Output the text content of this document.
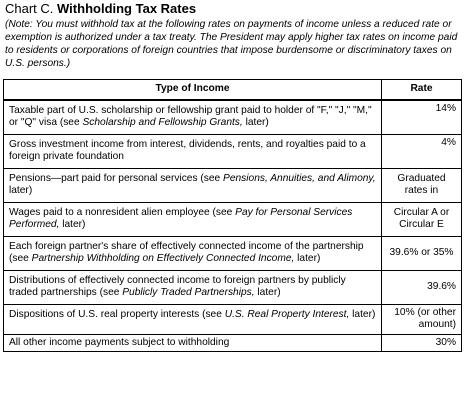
Chart C. Withholding Tax Rates
(Note: You must withhold tax at the following rates on payments of income unless a reduced rate or exemption is authorized under a tax treaty. The President may apply higher tax rates on income paid to residents or corporations of foreign countries that impose burdensome or discriminatory taxes on U.S. persons.)
Type of Income	Rate
Taxable part of U.S. scholarship or fellowship grant paid to holder of "F," "J," "M," or "Q" visa (see Scholarship and Fellowship Grants, later)	14%
Gross investment income from interest, dividends, rents, and royalties paid to a foreign private foundation	4%
Pensions—part paid for personal services (see Pensions, Annuities, and Alimony, later)	Graduated rates in
Wages paid to a nonresident alien employee (see Pay for Personal Services Performed, later)	Circular A or Circular E
Each foreign partner's share of effectively connected income of the partnership (see Partnership Withholding on Effectively Connected Income, later)	39.6% or 35%
Distributions of effectively connected income to foreign partners by publicly traded partnerships (see Publicly Traded Partnerships, later)	39.6%
Dispositions of U.S. real property interests (see U.S. Real Property Interest, later)	10% (or other amount)
All other income payments subject to withholding	30%
